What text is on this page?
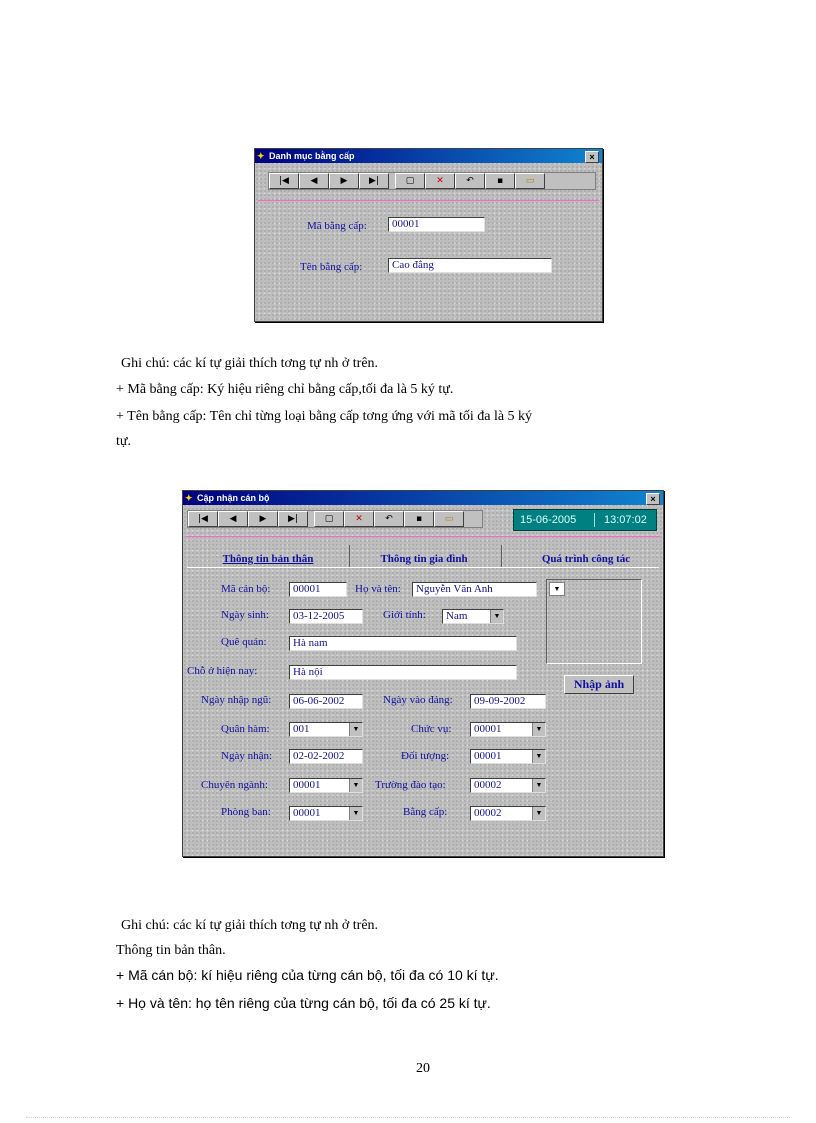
✦ Danh mục bằng cấp	×
|◀	◀	▶	▶|	▢	✕	↶	▪	▭
Mã bằng cấp:	00001
Tên bằng cấp:	Cao đẳng
Ghi chú: các kí tự giải thích tơng tự nh ở trên.
+ Mã bằng cấp: Ký hiệu riêng chỉ bằng cấp,tối đa là 5 ký tự.
+ Tên bằng cấp: Tên chỉ từng loại bằng cấp tơng ứng với mã tối đa là 5 ký
tự.
✦ Cập nhận cán bộ	×
|◀	◀	▶	▶|	▢	✕	↶	▪	▭	15-06-2005	13:07:02
Thông tin bản thân	Thông tin gia đình	Quá trình công tác
Mã cán bộ:	00001	Họ và tên:	Nguyễn Văn Anh	▼
Nhập ảnh
Ngày sinh:	03-12-2005	Giới tính:	Nam	▼
Quê quán:	Hà nam
Chỗ ở hiện nay:	Hà nội
Ngày nhập ngũ:	06-06-2002	Ngày vào đảng:	09-09-2002
Quân hàm:	001	▼	Chức vụ:	00001	▼
Ngày nhận:	02-02-2002	Đối tượng:	00001	▼
Chuyên ngành:	00001	▼ Trường đào tạo:	00002	▼
Phòng ban:	00001	▼	Bằng cấp:	00002	▼
Ghi chú: các kí tự giải thích tơng tự nh ở trên.
Thông tin bản thân.
+ Mã cán bộ: kí hiệu riêng của từng cán bộ, tối đa có 10 kí tự.
+ Họ và tên: họ tên riêng của từng cán bộ, tối đa có 25 kí tự.
20
